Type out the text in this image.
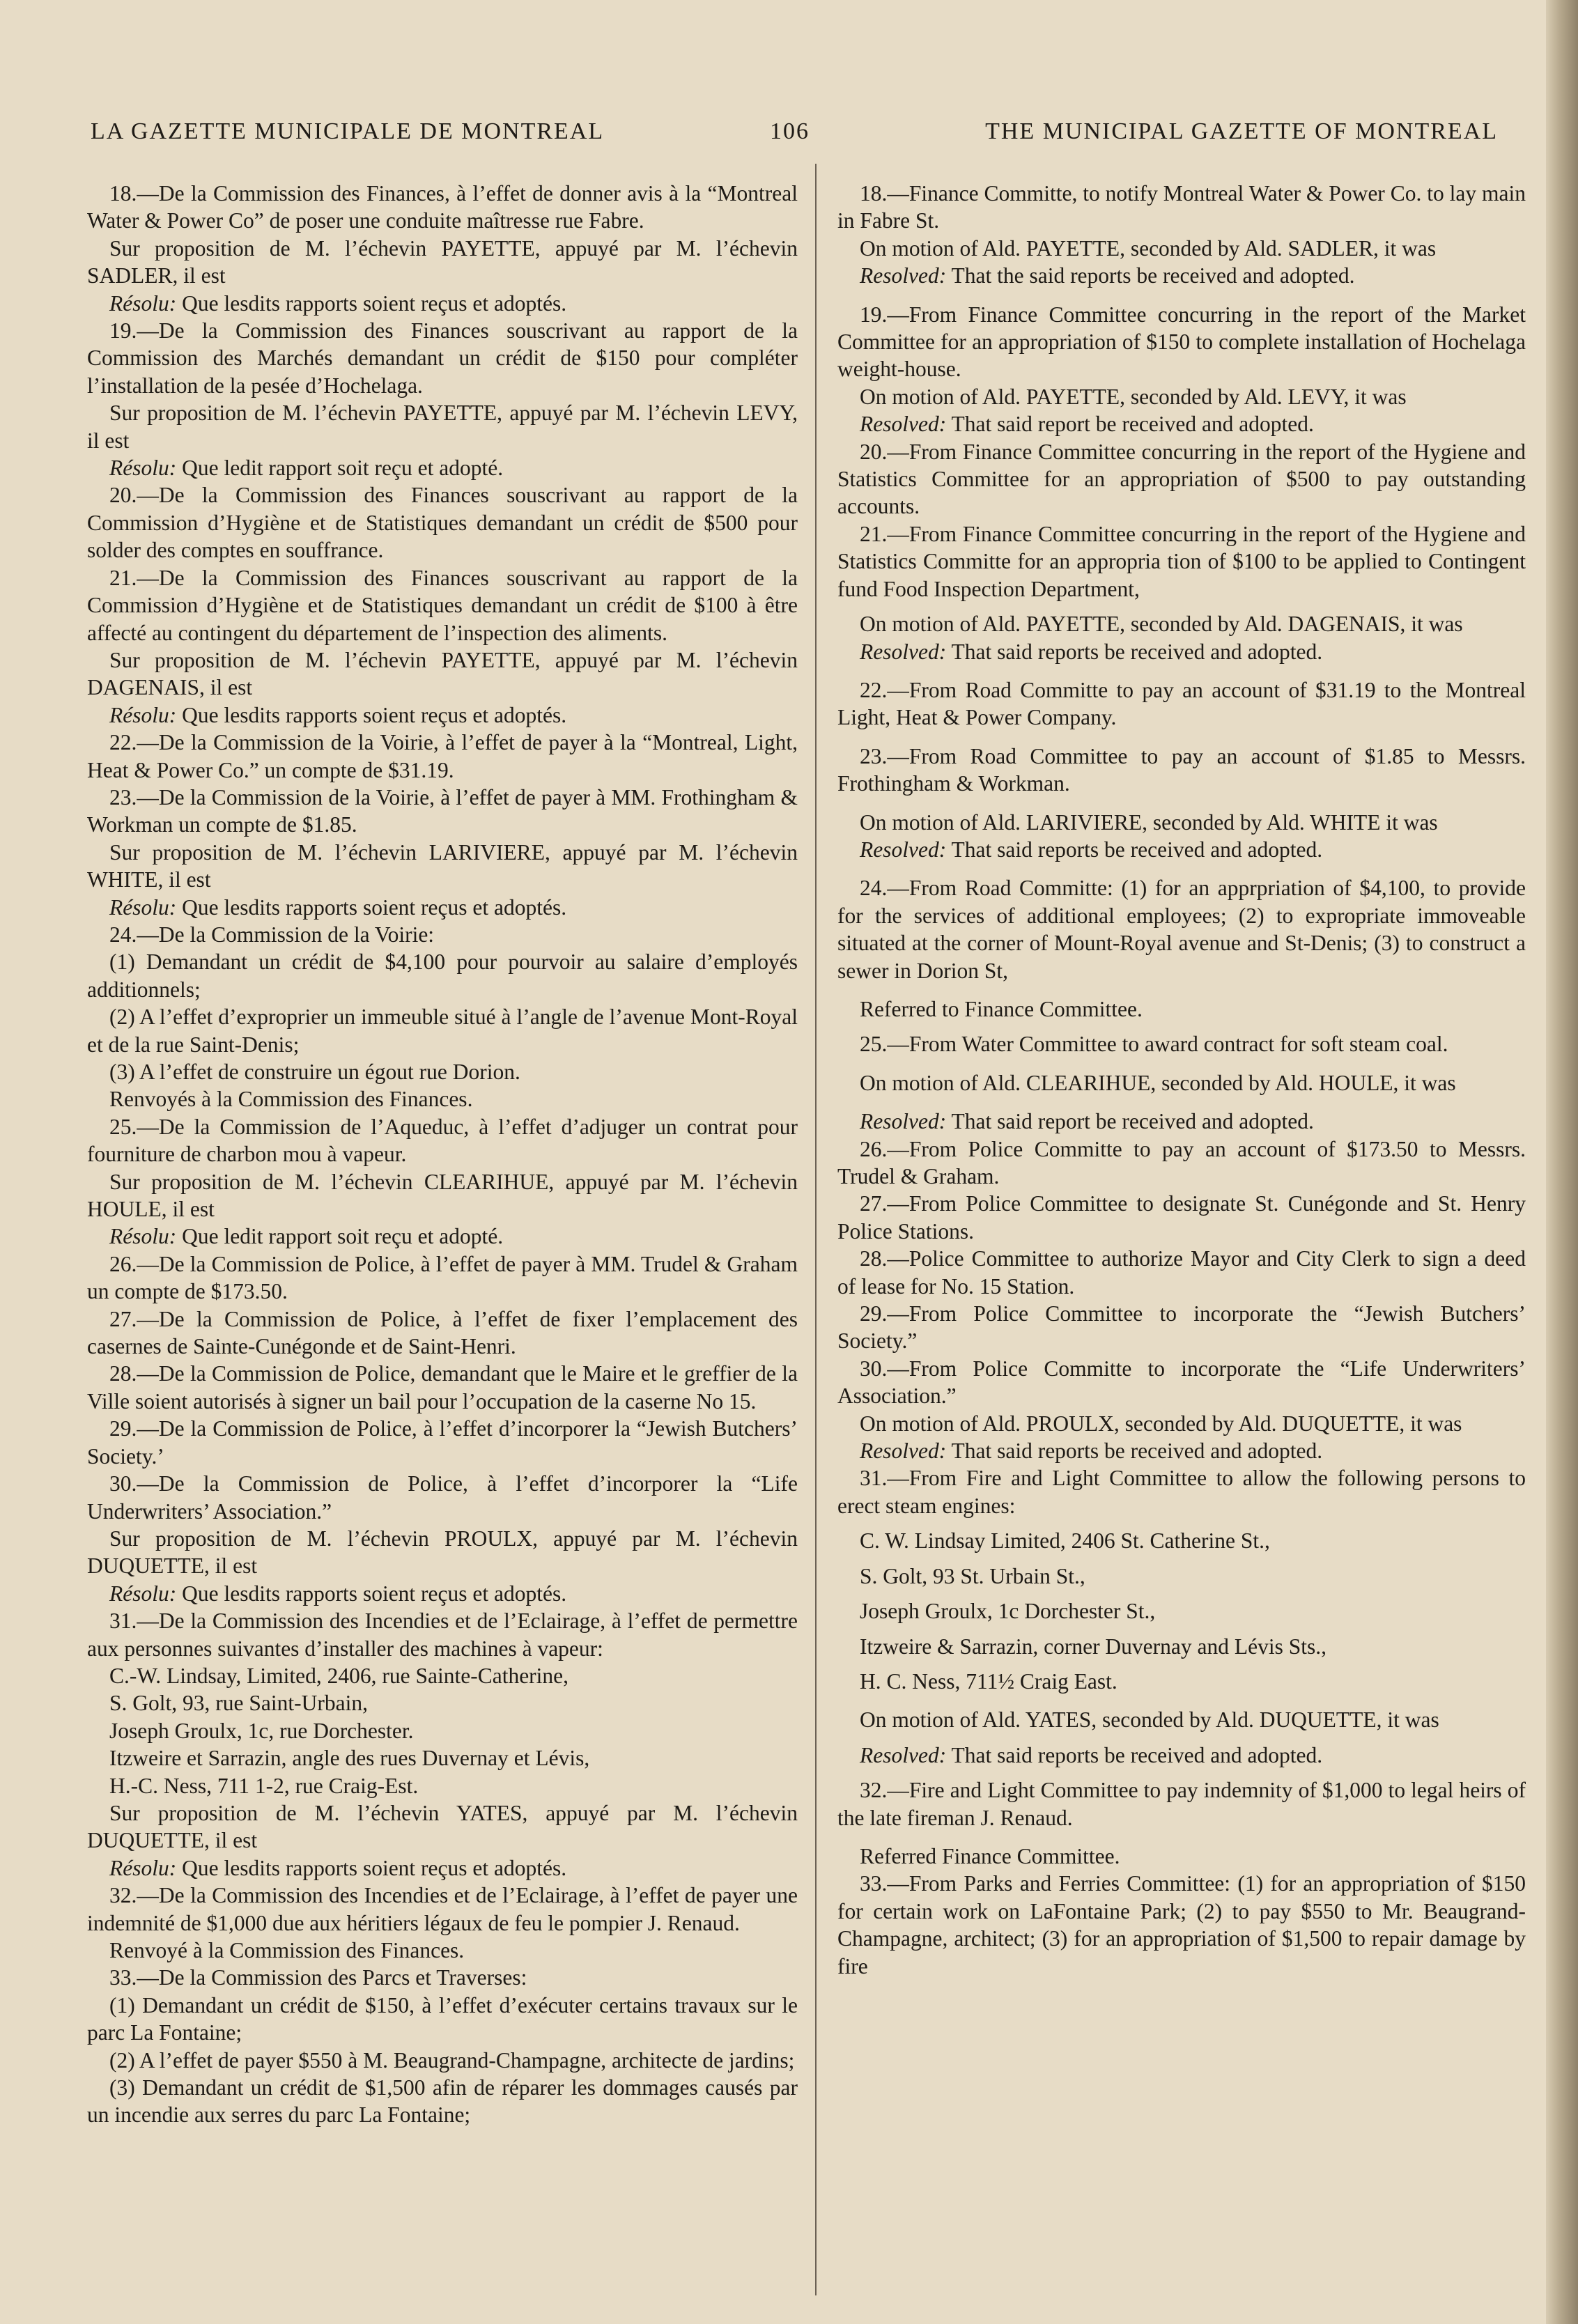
LA GAZETTE MUNICIPALE DE MONTREAL	106	THE MUNICIPAL GAZETTE OF MONTREAL

18.—De la Commission des Finances, à l’effet de donner avis à la “Montreal Water & Power Co” de poser une conduite maîtresse rue Fabre.

Sur proposition de M. l’échevin PAYETTE, appuyé par M. l’échevin SADLER, il est

Résolu: Que lesdits rapports soient reçus et adoptés.

19.—De la Commission des Finances souscrivant au rapport de la Commission des Marchés demandant un crédit de $150 pour compléter l’installation de la pesée d’Hochelaga.

Sur proposition de M. l’échevin PAYETTE, appuyé par M. l’échevin LEVY, il est

Résolu: Que ledit rapport soit reçu et adopté.

20.—De la Commission des Finances souscrivant au rapport de la Commission d’Hygiène et de Statistiques demandant un crédit de $500 pour solder des comptes en souffrance.

21.—De la Commission des Finances souscrivant au rapport de la Commission d’Hygiène et de Statistiques demandant un crédit de $100 à être affecté au contingent du département de l’inspection des aliments.

Sur proposition de M. l’échevin PAYETTE, appuyé par M. l’échevin DAGENAIS, il est

Résolu: Que lesdits rapports soient reçus et adoptés.

22.—De la Commission de la Voirie, à l’effet de payer à la “Montreal, Light, Heat & Power Co.” un compte de $31.19.

23.—De la Commission de la Voirie, à l’effet de payer à MM. Frothingham & Workman un compte de $1.85.

Sur proposition de M. l’échevin LARIVIERE, appuyé par M. l’échevin WHITE, il est

Résolu: Que lesdits rapports soient reçus et adoptés.

24.—De la Commission de la Voirie:

(1) Demandant un crédit de $4,100 pour pourvoir au salaire d’employés additionnels;

(2) A l’effet d’exproprier un immeuble situé à l’angle de l’avenue Mont-Royal et de la rue Saint-Denis;

(3) A l’effet de construire un égout rue Dorion.

Renvoyés à la Commission des Finances.

25.—De la Commission de l’Aqueduc, à l’effet d’adjuger un contrat pour fourniture de charbon mou à vapeur.

Sur proposition de M. l’échevin CLEARIHUE, appuyé par M. l’échevin HOULE, il est

Résolu: Que ledit rapport soit reçu et adopté.

26.—De la Commission de Police, à l’effet de payer à MM. Trudel & Graham un compte de $173.50.

27.—De la Commission de Police, à l’effet de fixer l’emplacement des casernes de Sainte-Cunégonde et de Saint-Henri.

28.—De la Commission de Police, demandant que le Maire et le greffier de la Ville soient autorisés à signer un bail pour l’occupation de la caserne No 15.

29.—De la Commission de Police, à l’effet d’incorporer la “Jewish Butchers’ Society.’

30.—De la Commission de Police, à l’effet d’incorporer la “Life Underwriters’ Association.”

Sur proposition de M. l’échevin PROULX, appuyé par M. l’échevin DUQUETTE, il est

Résolu: Que lesdits rapports soient reçus et adoptés.

31.—De la Commission des Incendies et de l’Eclairage, à l’effet de permettre aux personnes suivantes d’installer des machines à vapeur:

C.-W. Lindsay, Limited, 2406, rue Sainte-Catherine,

S. Golt, 93, rue Saint-Urbain,

Joseph Groulx, 1c, rue Dorchester.

Itzweire et Sarrazin, angle des rues Duvernay et Lévis,

H.-C. Ness, 711 1-2, rue Craig-Est.

Sur proposition de M. l’échevin YATES, appuyé par M. l’échevin DUQUETTE, il est

Résolu: Que lesdits rapports soient reçus et adoptés.

32.—De la Commission des Incendies et de l’Eclairage, à l’effet de payer une indemnité de $1,000 due aux héritiers légaux de feu le pompier J. Renaud.

Renvoyé à la Commission des Finances.

33.—De la Commission des Parcs et Traverses:

(1) Demandant un crédit de $150, à l’effet d’exécuter certains travaux sur le parc La Fontaine;

(2) A l’effet de payer $550 à M. Beaugrand-Champagne, architecte de jardins;

(3) Demandant un crédit de $1,500 afin de réparer les dommages causés par un incendie aux serres du parc La Fontaine;

18.—Finance Committe, to notify Montreal Water & Power Co. to lay main in Fabre St.

On motion of Ald. PAYETTE, seconded by Ald. SADLER, it was

Resolved: That the said reports be received and adopted.

19.—From Finance Committee concurring in the report of the Market Committee for an appropriation of $150 to complete installation of Hochelaga weight-house.

On motion of Ald. PAYETTE, seconded by Ald. LEVY, it was

Resolved: That said report be received and adopted.

20.—From Finance Committee concurring in the report of the Hygiene and Statistics Committee for an appropriation of $500 to pay outstanding accounts.

21.—From Finance Committee concurring in the report of the Hygiene and Statistics Committe for an appropria tion of $100 to be applied to Contingent fund Food Inspection Department,

On motion of Ald. PAYETTE, seconded by Ald. DAGENAIS, it was

Resolved: That said reports be received and adopted.

22.—From Road Committe to pay an account of $31.19 to the Montreal Light, Heat & Power Company.

23.—From Road Committee to pay an account of $1.85 to Messrs. Frothingham & Workman.

On motion of Ald. LARIVIERE, seconded by Ald. WHITE it was

Resolved: That said reports be received and adopted.

24.—From Road Committe: (1) for an apprpriation of $4,100, to provide for the services of additional employees; (2) to expropriate immoveable situated at the corner of Mount-Royal avenue and St-Denis; (3) to construct a sewer in Dorion St,

Referred to Finance Committee.

25.—From Water Committee to award contract for soft steam coal.

On motion of Ald. CLEARIHUE, seconded by Ald. HOULE, it was

Resolved: That said report be received and adopted.

26.—From Police Committe to pay an account of $173.50 to Messrs. Trudel & Graham.

27.—From Police Committee to designate St. Cunégonde and St. Henry Police Stations.

28.—Police Committee to authorize Mayor and City Clerk to sign a deed of lease for No. 15 Station.

29.—From Police Committee to incorporate the “Jewish Butchers’ Society.”

30.—From Police Committe to incorporate the “Life Underwriters’ Association.”

On motion of Ald. PROULX, seconded by Ald. DUQUETTE, it was

Resolved: That said reports be received and adopted.

31.—From Fire and Light Committee to allow the following persons to erect steam engines:

C. W. Lindsay Limited, 2406 St. Catherine St.,

S. Golt, 93 St. Urbain St.,

Joseph Groulx, 1c Dorchester St.,

Itzweire & Sarrazin, corner Duvernay and Lévis Sts.,

H. C. Ness, 711½ Craig East.

On motion of Ald. YATES, seconded by Ald. DUQUETTE, it was

Resolved: That said reports be received and adopted.

32.—Fire and Light Committee to pay indemnity of $1,000 to legal heirs of the late fireman J. Renaud.

Referred Finance Committee.

33.—From Parks and Ferries Committee: (1) for an appropriation of $150 for certain work on LaFontaine Park; (2) to pay $550 to Mr. Beaugrand-Champagne, architect; (3) for an appropriation of $1,500 to repair damage by fire
